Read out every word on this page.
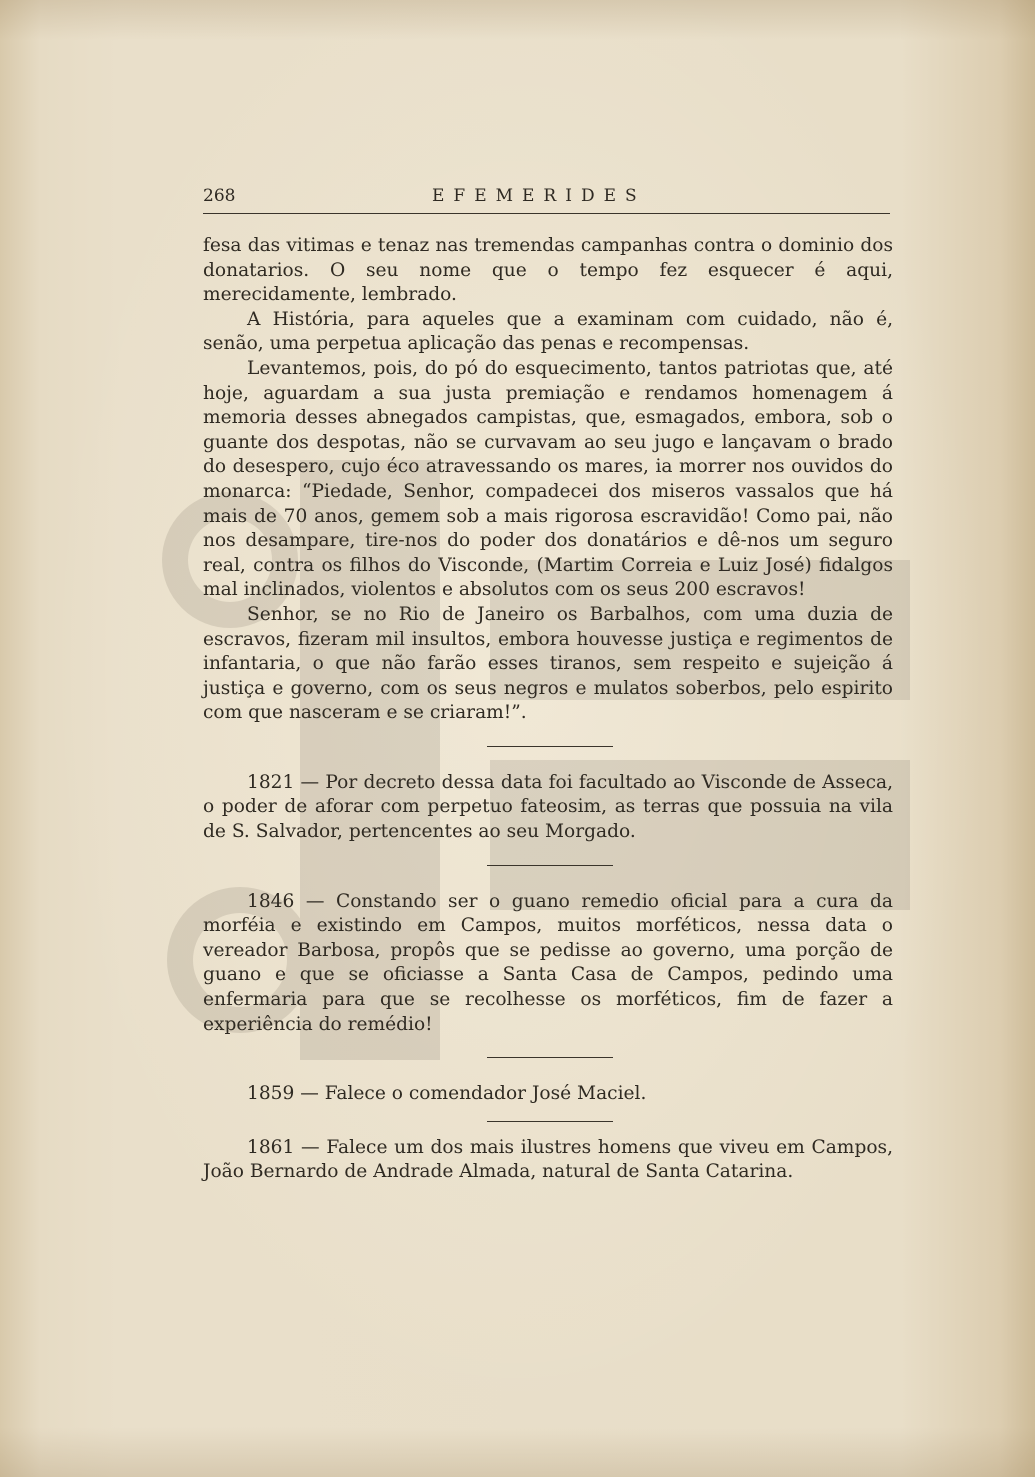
268	EFEMERIDES

fesa das vitimas e tenaz nas tremendas campanhas contra o dominio dos donatarios. O seu nome que o tempo fez esquecer é aqui, merecidamente, lembrado.

A História, para aqueles que a examinam com cuidado, não é, senão, uma perpetua aplicação das penas e recompensas.

Levantemos, pois, do pó do esquecimento, tantos patriotas que, até hoje, aguardam a sua justa premiação e rendamos homenagem á memoria desses abnegados campistas, que, esmagados, embora, sob o guante dos despotas, não se curvavam ao seu jugo e lançavam o brado do desespero, cujo éco atravessando os mares, ia morrer nos ouvidos do monarca: “Piedade, Senhor, compadecei dos miseros vassalos que há mais de 70 anos, gemem sob a mais rigorosa escravidão! Como pai, não nos desampare, tire-nos do poder dos donatários e dê-nos um seguro real, contra os filhos do Visconde, (Martim Correia e Luiz José) fidalgos mal inclinados, violentos e absolutos com os seus 200 escravos!

Senhor, se no Rio de Janeiro os Barbalhos, com uma duzia de escravos, fizeram mil insultos, embora houvesse justiça e regimentos de infantaria, o que não farão esses tiranos, sem respeito e sujeição á justiça e governo, com os seus negros e mulatos soberbos, pelo espirito com que nasceram e se criaram!”.

1821 — Por decreto dessa data foi facultado ao Visconde de Asseca, o poder de aforar com perpetuo fateosim, as terras que possuia na vila de S. Salvador, pertencentes ao seu Morgado.

1846 — Constando ser o guano remedio oficial para a cura da morféia e existindo em Campos, muitos morféticos, nessa data o vereador Barbosa, propôs que se pedisse ao governo, uma porção de guano e que se oficiasse a Santa Casa de Campos, pedindo uma enfermaria para que se recolhesse os morféticos, fim de fazer a experiência do remédio!

1859 — Falece o comendador José Maciel.

1861 — Falece um dos mais ilustres homens que viveu em Campos, João Bernardo de Andrade Almada, natural de Santa Catarina.
